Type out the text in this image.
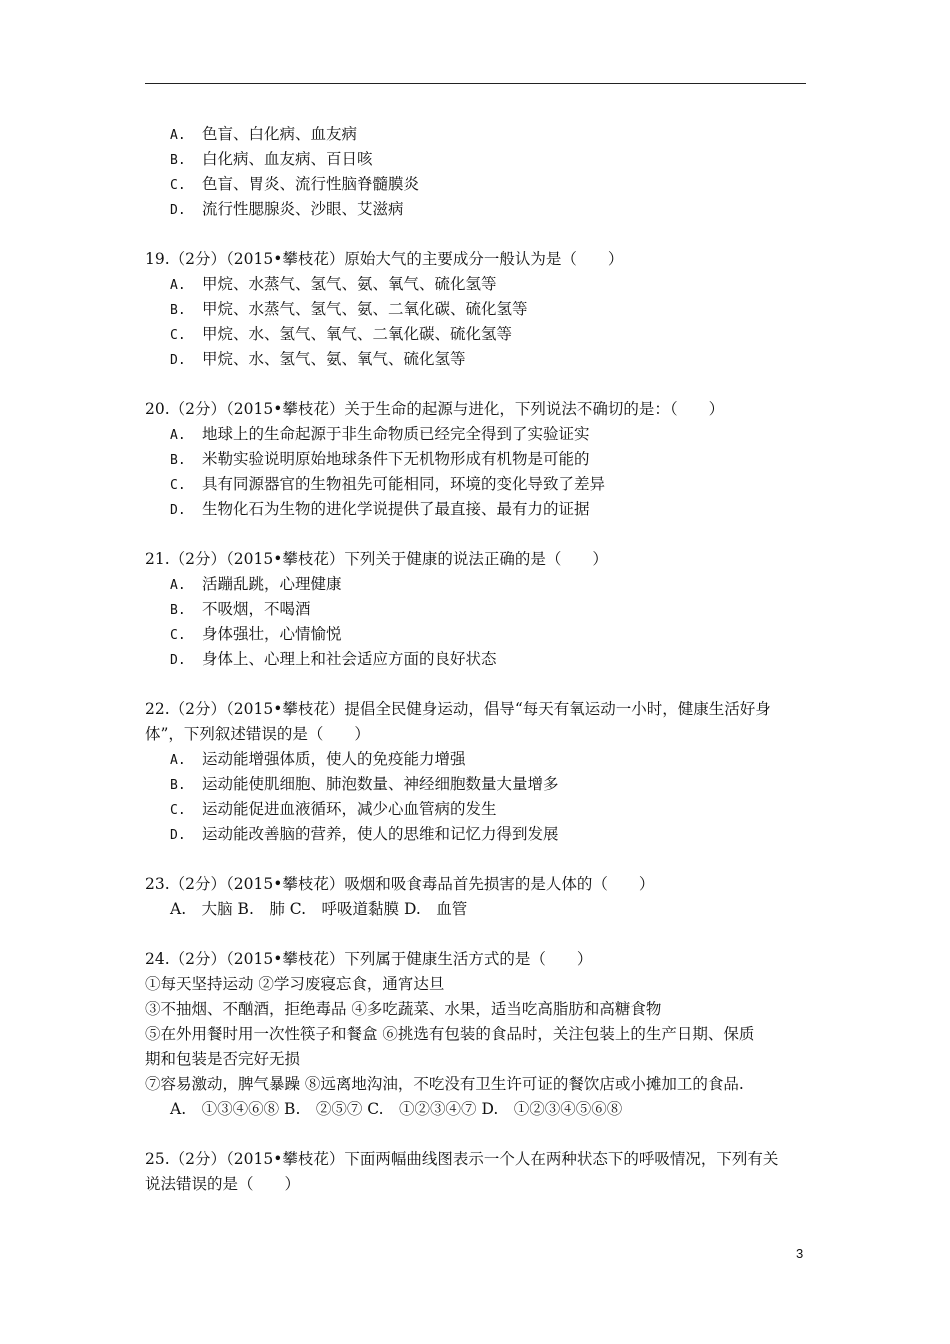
A. 色盲、白化病、血友病
B. 白化病、血友病、百日咳
C. 色盲、胃炎、流行性脑脊髓膜炎
D. 流行性腮腺炎、沙眼、艾滋病
19.（2分）（2015•攀枝花）原始大气的主要成分一般认为是（　　）
A. 甲烷、水蒸气、氢气、氨、氧气、硫化氢等
B. 甲烷、水蒸气、氢气、氨、二氧化碳、硫化氢等
C. 甲烷、水、氢气、氧气、二氧化碳、硫化氢等
D. 甲烷、水、氢气、氨、氧气、硫化氢等
20.（2分）（2015•攀枝花）关于生命的起源与进化，下列说法不确切的是：（　　）
A. 地球上的生命起源于非生命物质已经完全得到了实验证实
B. 米勒实验说明原始地球条件下无机物形成有机物是可能的
C. 具有同源器官的生物祖先可能相同，环境的变化导致了差异
D. 生物化石为生物的进化学说提供了最直接、最有力的证据
21.（2分）（2015•攀枝花）下列关于健康的说法正确的是（　　）
A. 活蹦乱跳，心理健康
B. 不吸烟，不喝酒
C. 身体强壮，心情愉悦
D. 身体上、心理上和社会适应方面的良好状态
22.（2分）（2015•攀枝花）提倡全民健身运动，倡导“每天有氧运动一小时，健康生活好身
体”，下列叙述错误的是（　　）
A. 运动能增强体质，使人的免疫能力增强
B. 运动能使肌细胞、肺泡数量、神经细胞数量大量增多
C. 运动能促进血液循环，减少心血管病的发生
D. 运动能改善脑的营养，使人的思维和记忆力得到发展
23.（2分）（2015•攀枝花）吸烟和吸食毒品首先损害的是人体的（　　）
A.　大脑 B.　肺 C.　呼吸道黏膜 D.　血管
24.（2分）（2015•攀枝花）下列属于健康生活方式的是（　　）
①每天坚持运动 ②学习废寝忘食，通宵达旦
③不抽烟、不酗酒，拒绝毒品 ④多吃蔬菜、水果，适当吃高脂肪和高糖食物
⑤在外用餐时用一次性筷子和餐盒 ⑥挑选有包装的食品时，关注包装上的生产日期、保质
期和包装是否完好无损
⑦容易激动，脾气暴躁 ⑧远离地沟油，不吃没有卫生许可证的餐饮店或小摊加工的食品.
A.　①③④⑥⑧ B.　②⑤⑦ C.　①②③④⑦ D.　①②③④⑤⑥⑧
25.（2分）（2015•攀枝花）下面两幅曲线图表示一个人在两种状态下的呼吸情况，下列有关
说法错误的是（　　）
3
